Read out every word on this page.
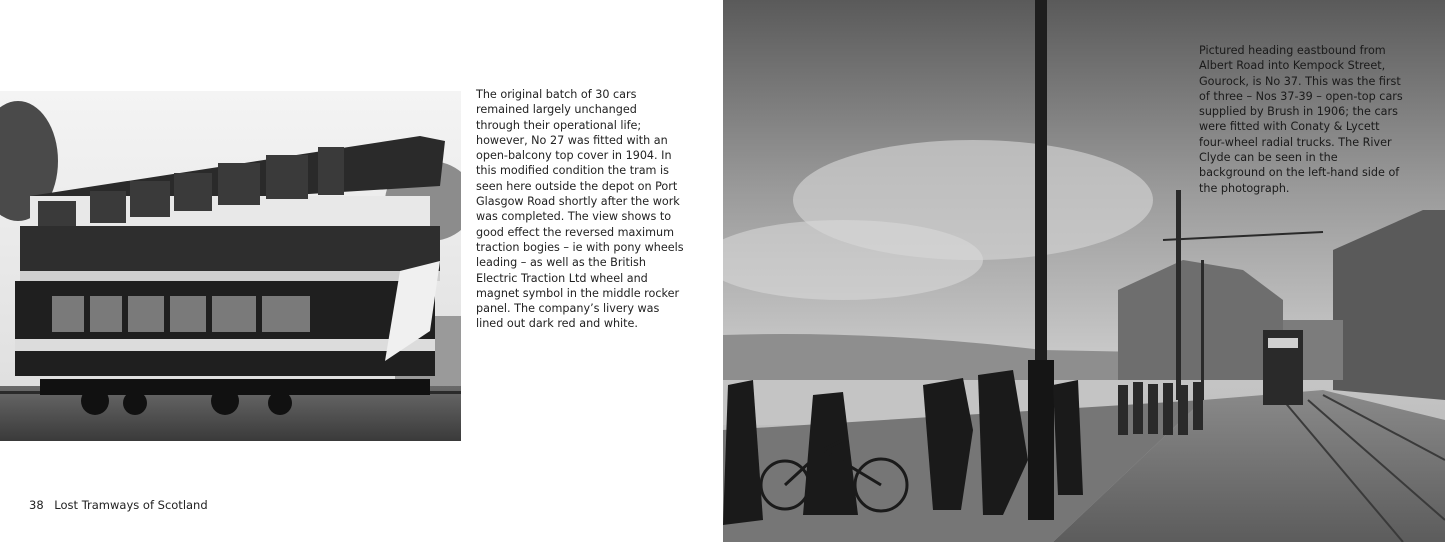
The original batch of 30 cars remained largely unchanged through their operational life; however, No 27 was fitted with an open-balcony top cover in 1904. In this modified condition the tram is seen here outside the depot on Port Glasgow Road shortly after the work was completed. The view shows to good effect the reversed maximum traction bogies – ie with pony wheels leading – as well as the British Electric Traction Ltd wheel and magnet symbol in the middle rocker panel. The company’s livery was lined out dark red and white.

38 Lost Tramways of Scotland

Pictured heading eastbound from Albert Road into Kempock Street, Gourock, is No 37. This was the first of three – Nos 37-39 – open-top cars supplied by Brush in 1906; the cars were fitted with Conaty & Lycett four-wheel radial trucks. The River Clyde can be seen in the background on the left-hand side of the photograph.
